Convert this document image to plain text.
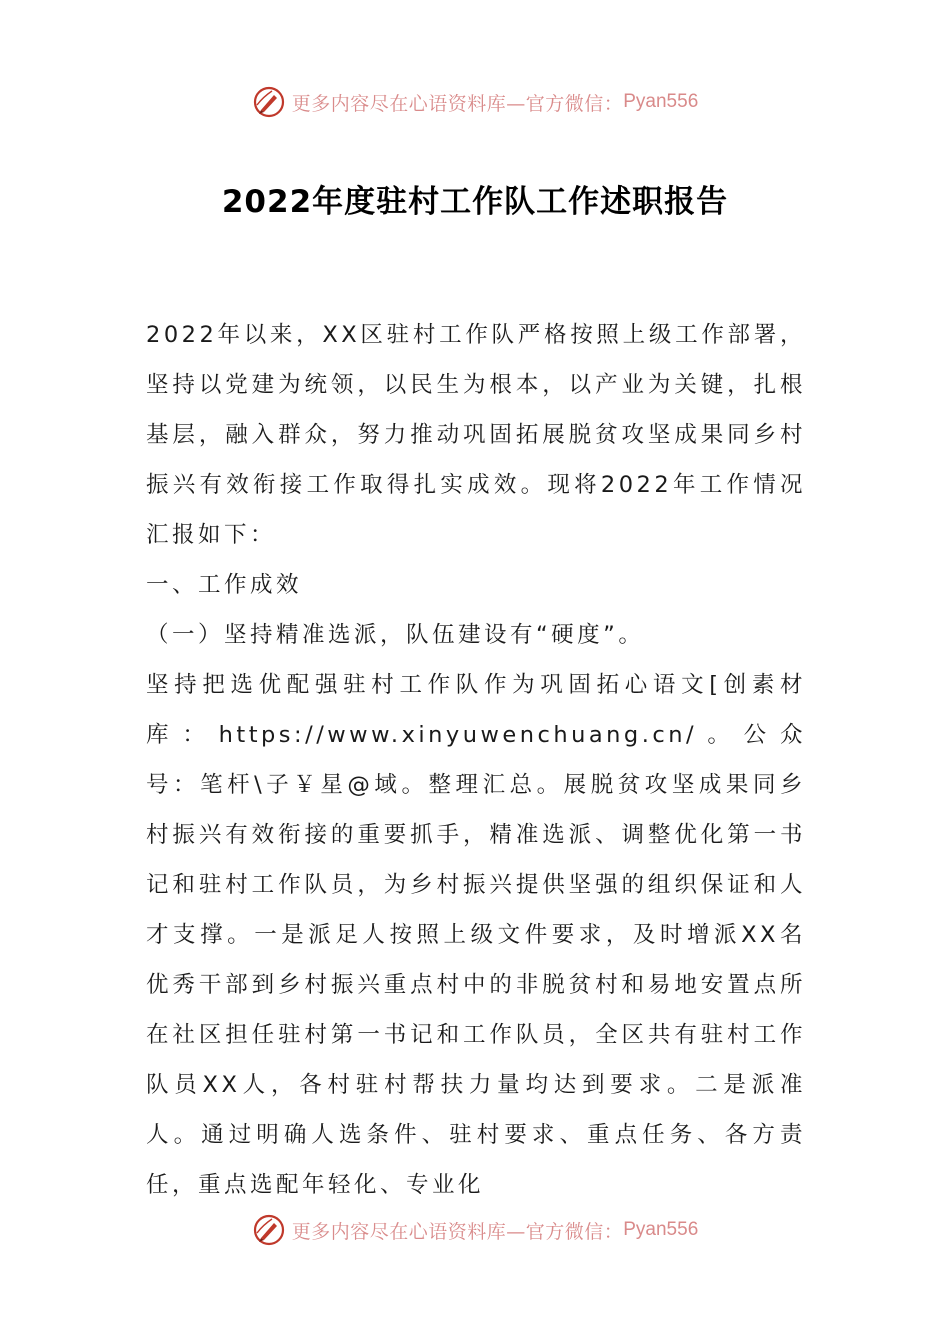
更多内容尽在心语资料库—官方微信： Pyan556
2022年度驻村工作队工作述职报告

2022年以来，XX区驻村工作队严格按照上级工作部署，坚持以党建为统领，以民生为根本，以产业为关键，扎根基层，融入群众，努力推动巩固拓展脱贫攻坚成果同乡村振兴有效衔接工作取得扎实成效。现将2022年工作情况汇报如下：

一、工作成效

（一）坚持精准选派，队伍建设有“硬度”。

坚持把选优配强驻村工作队作为巩固拓心语文[创素材库：https://www.xinyuwenchuang.cn/。公众号：笔杆\子￥星@域。整理汇总。展脱贫攻坚成果同乡村振兴有效衔接的重要抓手，精准选派、调整优化第一书记和驻村工作队员，为乡村振兴提供坚强的组织保证和人才支撑。一是派足人按照上级文件要求，及时增派XX名优秀干部到乡村振兴重点村中的非脱贫村和易地安置点所在社区担任驻村第一书记和工作队员，全区共有驻村工作队员XX人，各村驻村帮扶力量均达到要求。二是派准人。通过明确人选条件、驻村要求、重点任务、各方责任，重点选配年轻化、专业化

更多内容尽在心语资料库—官方微信： Pyan556
